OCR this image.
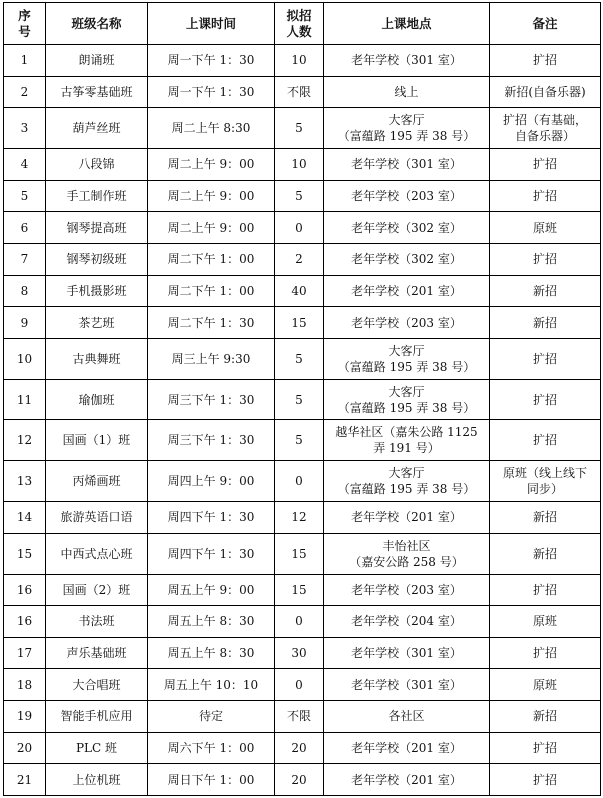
序
号	班级名称	上课时间	拟招
人数	上课地点	备注
1	朗诵班	周一下午 1：30	10	老年学校（301 室）	扩招
2	古筝零基础班	周一下午 1：30	不限	线上	新招(自备乐器)
3	葫芦丝班	周二上午 8:30	5	大客厅
（富蕴路 195 弄 38 号）	扩招（有基础，
自备乐器）
4	八段锦	周二上午 9：00	10	老年学校（301 室）	扩招
5	手工制作班	周二上午 9：00	5	老年学校（203 室）	扩招
6	钢琴提高班	周二上午 9：00	0	老年学校（302 室）	原班
7	钢琴初级班	周二下午 1：00	2	老年学校（302 室）	扩招
8	手机摄影班	周二下午 1：00	40	老年学校（201 室）	新招
9	茶艺班	周二下午 1：30	15	老年学校（203 室）	新招
10	古典舞班	周三上午 9:30	5	大客厅
（富蕴路 195 弄 38 号）	扩招
11	瑜伽班	周三下午 1：30	5	大客厅
（富蕴路 195 弄 38 号）	扩招
12	国画（1）班	周三下午 1：30	5	越华社区（嘉朱公路 1125
弄 191 号）	扩招
13	丙烯画班	周四上午 9：00	0	大客厅
（富蕴路 195 弄 38 号）	原班（线上线下
同步）
14	旅游英语口语	周四下午 1：30	12	老年学校（201 室）	新招
15	中西式点心班	周四下午 1：30	15	丰怡社区
（嘉安公路 258 号）	新招
16	国画（2）班	周五上午 9：00	15	老年学校（203 室）	扩招
16	书法班	周五上午 8：30	0	老年学校（204 室）	原班
17	声乐基础班	周五上午 8：30	30	老年学校（301 室）	扩招
18	大合唱班	周五上午 10：10	0	老年学校（301 室）	原班
19	智能手机应用	待定	不限	各社区	新招
20	PLC 班	周六下午 1：00	20	老年学校（201 室）	扩招
21	上位机班	周日下午 1：00	20	老年学校（201 室）	扩招
